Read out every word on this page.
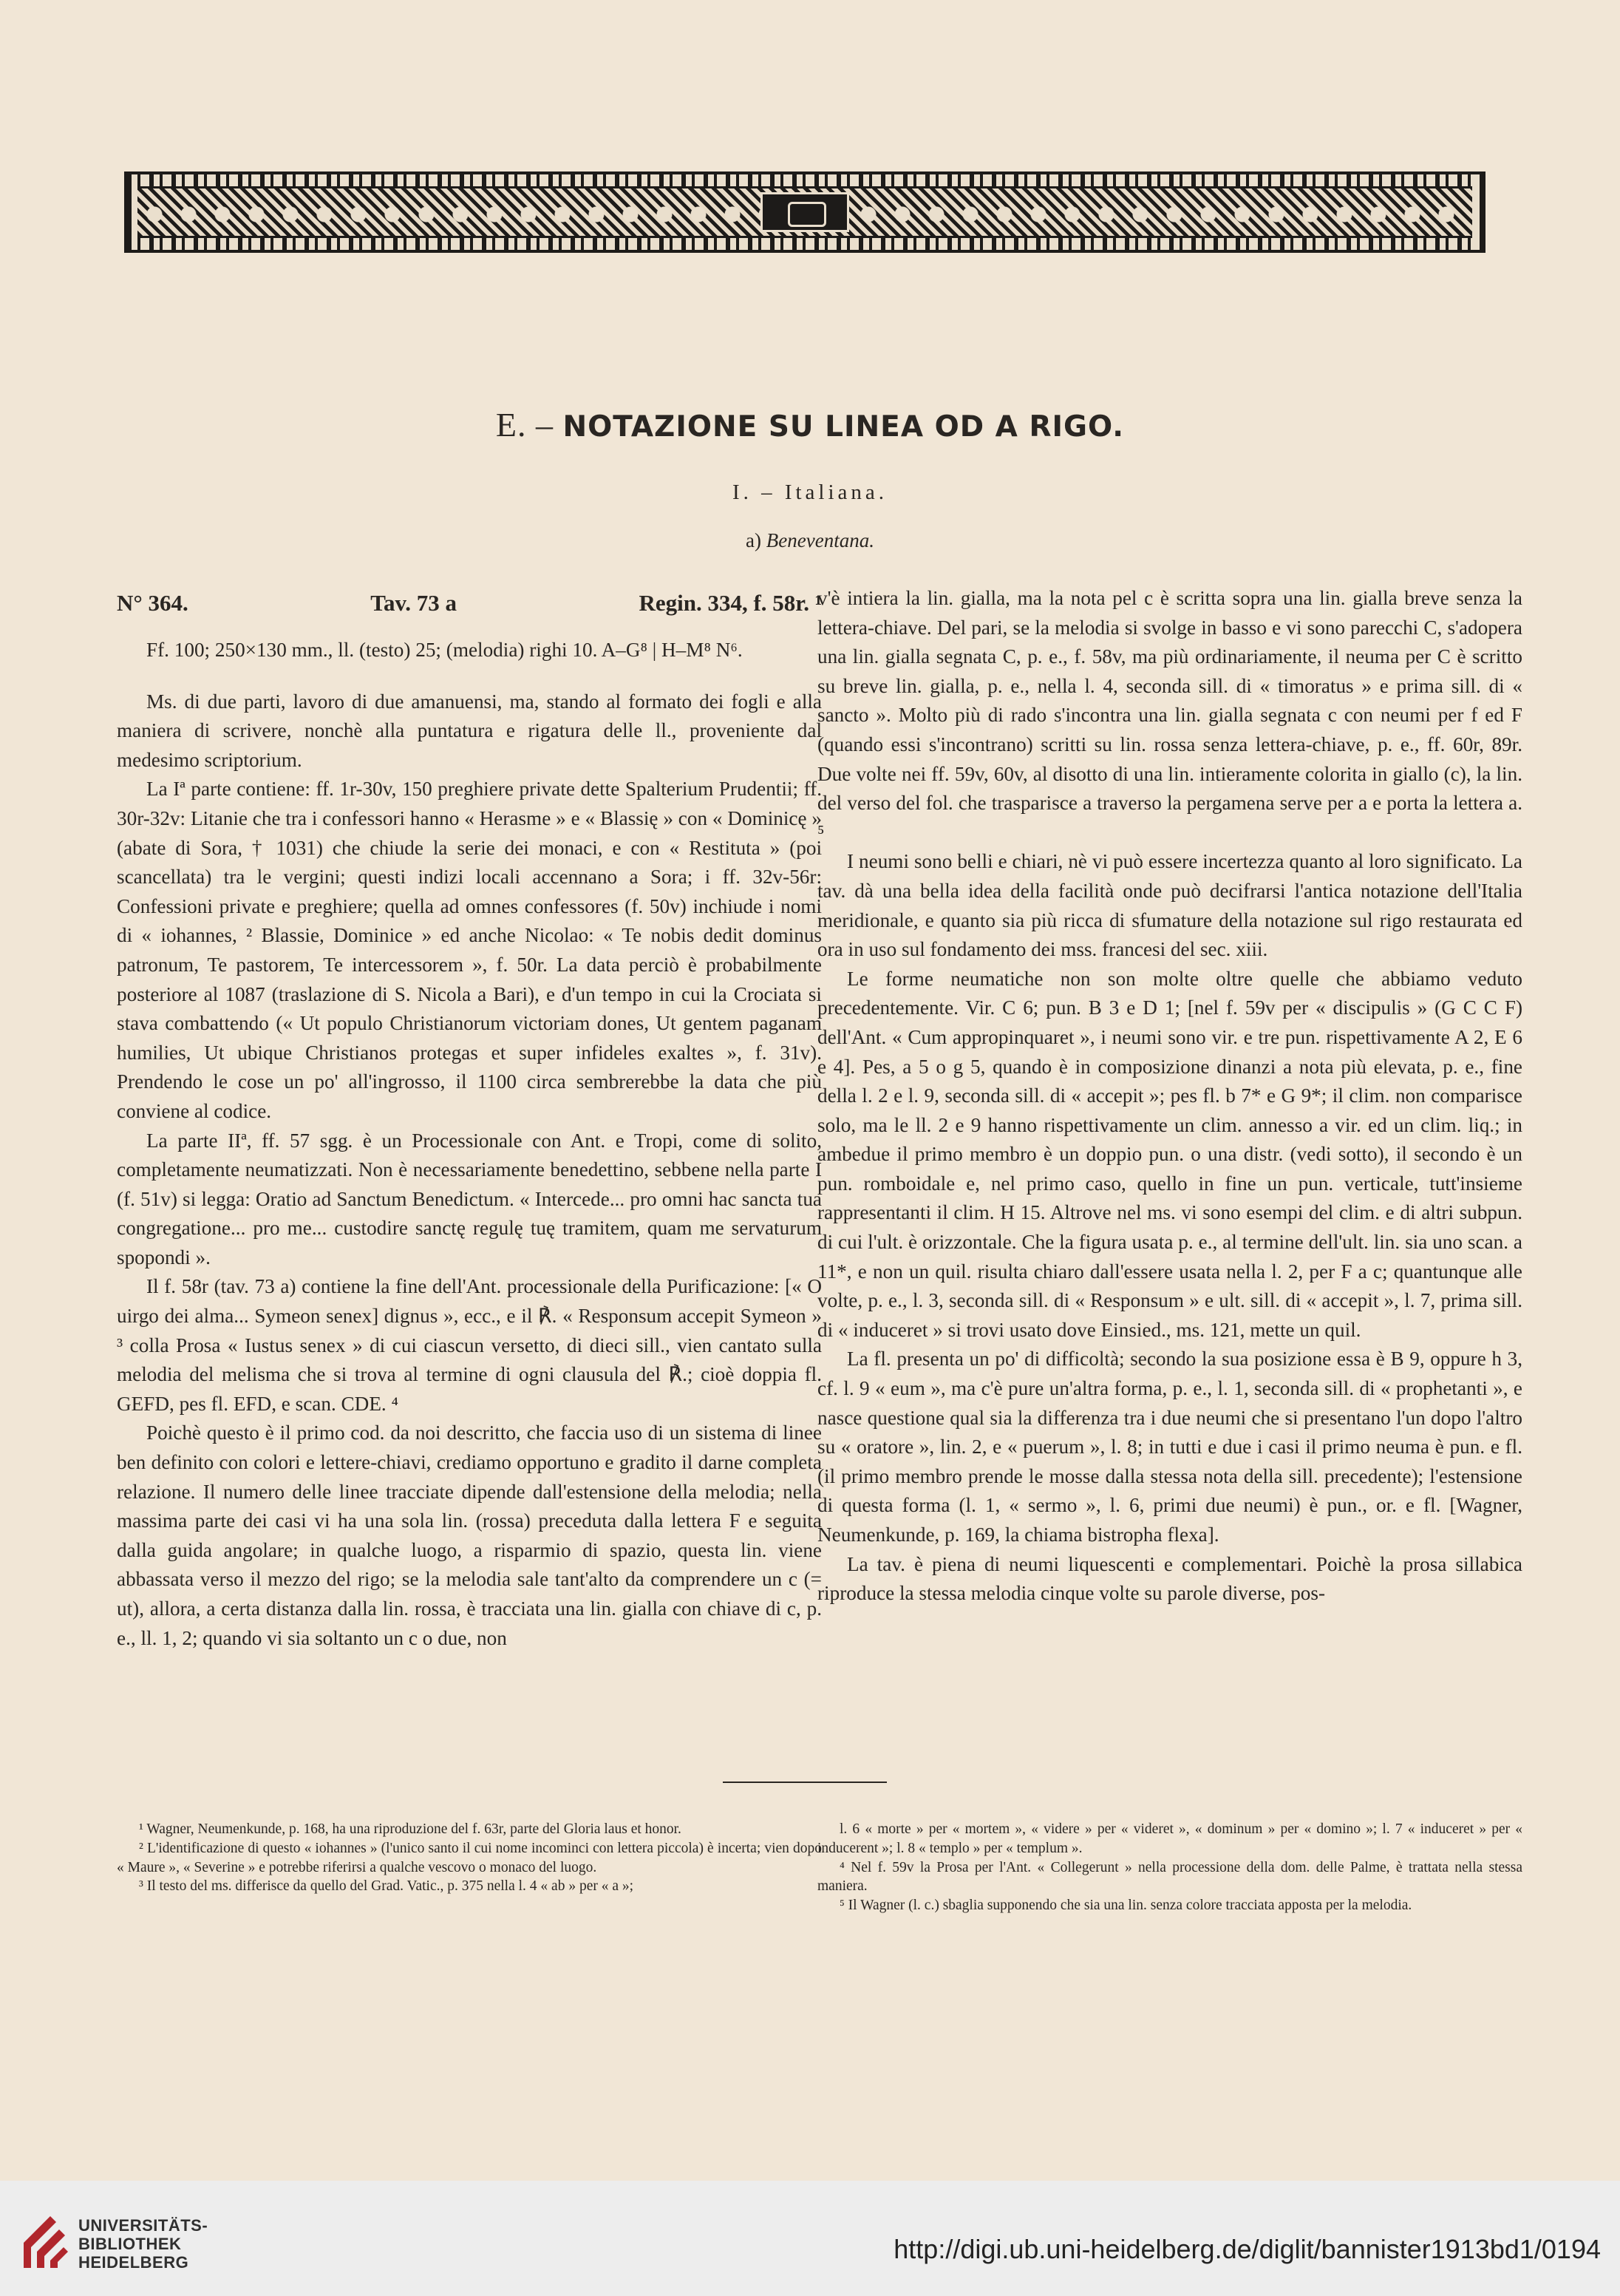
E. – NOTAZIONE SU LINEA OD A RIGO.
I. – Italiana.
a) Beneventana.
N° 364.	Tav. 73 a	Regin. 334, f. 58r. ¹

Ff. 100; 250×130 mm., ll. (testo) 25; (melodia) righi 10. A–G⁸ | H–M⁸ N⁶.

Ms. di due parti, lavoro di due amanuensi, ma, stando al formato dei fogli e alla maniera di scrivere, nonchè alla puntatura e rigatura delle ll., proveniente dal medesimo scriptorium.

La Iª parte contiene: ff. 1r-30v, 150 preghiere private dette Spalterium Prudentii; ff. 30r-32v: Litanie che tra i confessori hanno « Herasme » e « Blassię » con « Dominicę » (abate di Sora, † 1031) che chiude la serie dei monaci, e con « Restituta » (poi scancellata) tra le vergini; questi indizi locali accennano a Sora; i ff. 32v-56r: Confessioni private e preghiere; quella ad omnes confessores (f. 50v) inchiude i nomi di « iohannes, ² Blassie, Dominice » ed anche Nicolao: « Te nobis dedit dominus patronum, Te pastorem, Te intercessorem », f. 50r. La data perciò è probabilmente posteriore al 1087 (traslazione di S. Nicola a Bari), e d'un tempo in cui la Crociata si stava combattendo (« Ut populo Christianorum victoriam dones, Ut gentem paganam humilies, Ut ubique Christianos protegas et super infideles exaltes », f. 31v). Prendendo le cose un po' all'ingrosso, il 1100 circa sembrerebbe la data che più conviene al codice.

La parte IIª, ff. 57 sgg. è un Processionale con Ant. e Tropi, come di solito, completamente neumatizzati. Non è necessariamente benedettino, sebbene nella parte I (f. 51v) si legga: Oratio ad Sanctum Benedictum. « Intercede... pro omni hac sancta tua congregatione... pro me... custodire sanctę regulę tuę tramitem, quam me servaturum spopondi ».

Il f. 58r (tav. 73 a) contiene la fine dell'Ant. processionale della Purificazione: [« O uirgo dei alma... Symeon senex] dignus », ecc., e il ℟. « Responsum accepit Symeon » ³ colla Prosa « Iustus senex » di cui ciascun versetto, di dieci sill., vien cantato sulla melodia del melisma che si trova al termine di ogni clausula del ℟.; cioè doppia fl. GEFD, pes fl. EFD, e scan. CDE. ⁴

Poichè questo è il primo cod. da noi descritto, che faccia uso di un sistema di linee ben definito con colori e lettere-chiavi, crediamo opportuno e gradito il darne completa relazione. Il numero delle linee tracciate dipende dall'estensione della melodia; nella massima parte dei casi vi ha una sola lin. (rossa) preceduta dalla lettera F e seguita dalla guida angolare; in qualche luogo, a risparmio di spazio, questa lin. viene abbassata verso il mezzo del rigo; se la melodia sale tant'alto da comprendere un c (= ut), allora, a certa distanza dalla lin. rossa, è tracciata una lin. gialla con chiave di c, p. e., ll. 1, 2; quando vi sia soltanto un c o due, non

v'è intiera la lin. gialla, ma la nota pel c è scritta sopra una lin. gialla breve senza la lettera-chiave. Del pari, se la melodia si svolge in basso e vi sono parecchi C, s'adopera una lin. gialla segnata C, p. e., f. 58v, ma più ordinariamente, il neuma per C è scritto su breve lin. gialla, p. e., nella l. 4, seconda sill. di « timoratus » e prima sill. di « sancto ». Molto più di rado s'incontra una lin. gialla segnata c con neumi per f ed F (quando essi s'incontrano) scritti su lin. rossa senza lettera-chiave, p. e., ff. 60r, 89r. Due volte nei ff. 59v, 60v, al disotto di una lin. intieramente colorita in giallo (c), la lin. del verso del fol. che trasparisce a traverso la pergamena serve per a e porta la lettera a. ⁵

I neumi sono belli e chiari, nè vi può essere incertezza quanto al loro significato. La tav. dà una bella idea della facilità onde può decifrarsi l'antica notazione dell'Italia meridionale, e quanto sia più ricca di sfumature della notazione sul rigo restaurata ed ora in uso sul fondamento dei mss. francesi del sec. xiii.

Le forme neumatiche non son molte oltre quelle che abbiamo veduto precedentemente. Vir. C 6; pun. B 3 e D 1; [nel f. 59v per « discipulis » (G C C F) dell'Ant. « Cum appropinquaret », i neumi sono vir. e tre pun. rispettivamente A 2, E 6 e 4]. Pes, a 5 o g 5, quando è in composizione dinanzi a nota più elevata, p. e., fine della l. 2 e l. 9, seconda sill. di « accepit »; pes fl. b 7* e G 9*; il clim. non comparisce solo, ma le ll. 2 e 9 hanno rispettivamente un clim. annesso a vir. ed un clim. liq.; in ambedue il primo membro è un doppio pun. o una distr. (vedi sotto), il secondo è un pun. romboidale e, nel primo caso, quello in fine un pun. verticale, tutt'insieme rappresentanti il clim. H 15. Altrove nel ms. vi sono esempi del clim. e di altri subpun. di cui l'ult. è orizzontale. Che la figura usata p. e., al termine dell'ult. lin. sia uno scan. a 11*, e non un quil. risulta chiaro dall'essere usata nella l. 2, per F a c; quantunque alle volte, p. e., l. 3, seconda sill. di « Responsum » e ult. sill. di « accepit », l. 7, prima sill. di « induceret » si trovi usato dove Einsied., ms. 121, mette un quil.

La fl. presenta un po' di difficoltà; secondo la sua posizione essa è B 9, oppure h 3, cf. l. 9 « eum », ma c'è pure un'altra forma, p. e., l. 1, seconda sill. di « prophetanti », e nasce questione qual sia la differenza tra i due neumi che si presentano l'un dopo l'altro su « oratore », lin. 2, e « puerum », l. 8; in tutti e due i casi il primo neuma è pun. e fl. (il primo membro prende le mosse dalla stessa nota della sill. precedente); l'estensione di questa forma (l. 1, « sermo », l. 6, primi due neumi) è pun., or. e fl. [Wagner, Neumenkunde, p. 169, la chiama bistropha flexa].

La tav. è piena di neumi liquescenti e complementari. Poichè la prosa sillabica riproduce la stessa melodia cinque volte su parole diverse, pos-

¹ Wagner, Neumenkunde, p. 168, ha una riproduzione del f. 63r, parte del Gloria laus et honor.

² L'identificazione di questo « iohannes » (l'unico santo il cui nome incominci con lettera piccola) è incerta; vien dopo « Maure », « Severine » e potrebbe riferirsi a qualche vescovo o monaco del luogo.

³ Il testo del ms. differisce da quello del Grad. Vatic., p. 375 nella l. 4 « ab » per « a »;

l. 6 « morte » per « mortem », « videre » per « videret », « dominum » per « domino »; l. 7 « induceret » per « inducerent »; l. 8 « templo » per « templum ».

⁴ Nel f. 59v la Prosa per l'Ant. « Collegerunt » nella processione della dom. delle Palme, è trattata nella stessa maniera.

⁵ Il Wagner (l. c.) sbaglia supponendo che sia una lin. senza colore tracciata apposta per la melodia.

UNIVERSITÄTS-
BIBLIOTHEK
HEIDELBERG	http://digi.ub.uni-heidelberg.de/diglit/bannister1913bd1/0194
